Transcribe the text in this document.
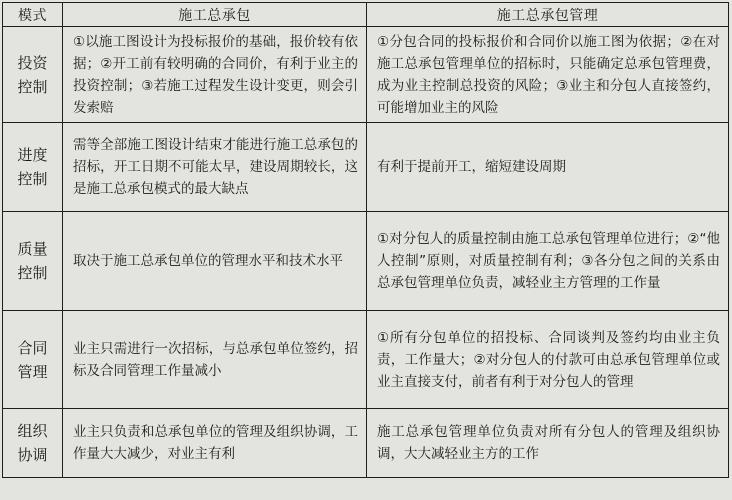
模式	施工总承包	施工总承包管理

投资
控制	①以施工图设计为投标报价的基础，报价较有依据；②开工前有较明确的合同价，有利于业主的投资控制；③若施工过程发生设计变更，则会引发索赔	①分包合同的投标报价和合同价以施工图为依据；②在对施工总承包管理单位的招标时，只能确定总承包管理费，成为业主控制总投资的风险；③业主和分包人直接签约，可能增加业主的风险

进度
控制	需等全部施工图设计结束才能进行施工总承包的招标，开工日期不可能太早，建设周期较长，这是施工总承包模式的最大缺点	有利于提前开工，缩短建设周期

质量
控制	取决于施工总承包单位的管理水平和技术水平	①对分包人的质量控制由施工总承包管理单位进行；②“他人控制”原则，对质量控制有利；③各分包之间的关系由总承包管理单位负责，减轻业主方管理的工作量

合同
管理	业主只需进行一次招标，与总承包单位签约，招标及合同管理工作量减小	①所有分包单位的招投标、合同谈判及签约均由业主负责，工作量大；②对分包人的付款可由总承包管理单位或业主直接支付，前者有利于对分包人的管理

组织
协调	业主只负责和总承包单位的管理及组织协调，工作量大大减少，对业主有利	施工总承包管理单位负责对所有分包人的管理及组织协调，大大减轻业主方的工作
